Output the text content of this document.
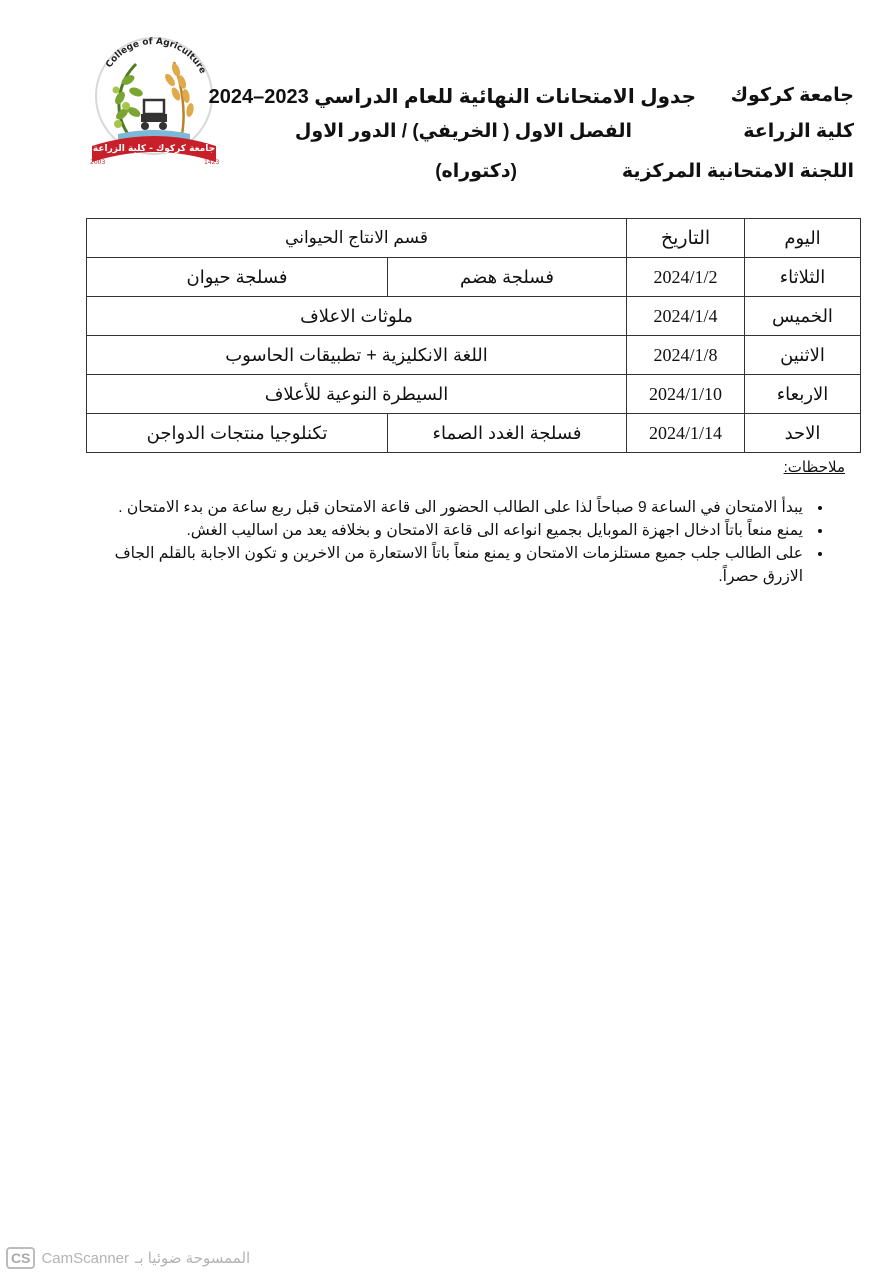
College of Agriculture
جامعة كركوك - كلية الزراعة
2003	1423
جامعة كركوك
كلية الزراعة
اللجنة الامتحانية المركزية
جدول الامتحانات النهائية للعام الدراسي 2023–2024
الفصل الاول ( الخريفي) / الدور الاول
(دكتوراه)
اليوم	التاريخ	قسم الانتاج الحيواني	
الثلاثاء	2024/1/2	فسلجة هضم	فسلجة حيوان
الخميس	2024/1/4	ملوثات الاعلاف	
الاثنين	2024/1/8	اللغة الانكليزية + تطبيقات الحاسوب	
الاربعاء	2024/1/10	السيطرة النوعية للأعلاف	
الاحد	2024/1/14	فسلجة الغدد الصماء	تكنلوجيا منتجات الدواجن
ملاحظات:
• يبدأ الامتحان في الساعة 9 صباحاً لذا على الطالب الحضور الى قاعة الامتحان قبل ربع ساعة من بدء الامتحان .
• يمنع منعاً باتاً ادخال اجهزة الموبايل بجميع انواعه الى قاعة الامتحان و بخلافه يعد من اساليب الغش.
• على الطالب جلب جميع مستلزمات الامتحان و يمنع منعاً باتاً الاستعارة من الاخرين و تكون الاجابة بالقلم الجاف الازرق حصراً.
CS CamScanner الممسوحة ضوئيا بـ
